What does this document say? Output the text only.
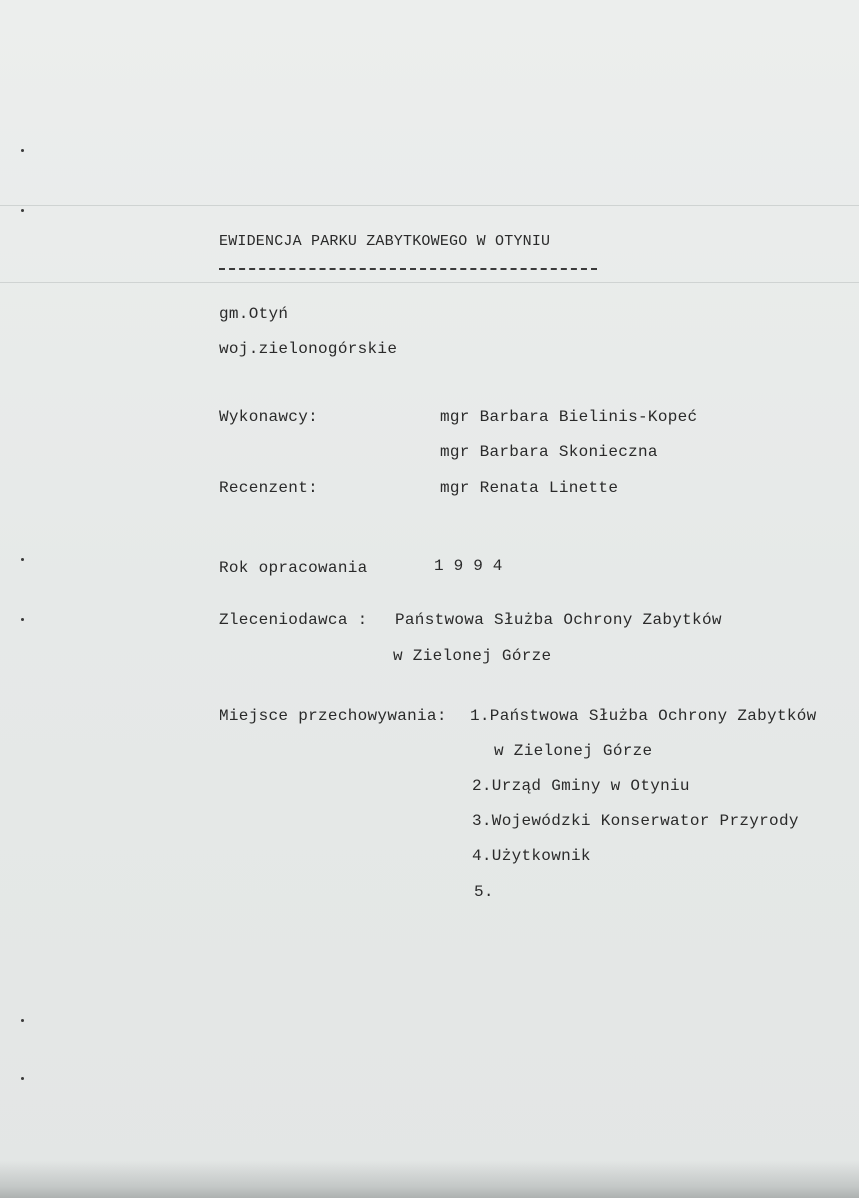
EWIDENCJA PARKU ZABYTKOWEGO W OTYNIU
gm.Otyń
woj.zielonogórskie
Wykonawcy:	mgr Barbara Bielinis-Kopeć
mgr Barbara Skonieczna
Recenzent:	mgr Renata Linette
Rok opracowania	1994
Zleceniodawca : Państwowa Służba Ochrony Zabytków
w Zielonej Górze
Miejsce przechowywania: 1.Państwowa Służba Ochrony Zabytków
w Zielonej Górze
2.Urząd Gminy w Otyniu
3.Wojewódzki Konserwator Przyrody
4.Użytkownik
5.
